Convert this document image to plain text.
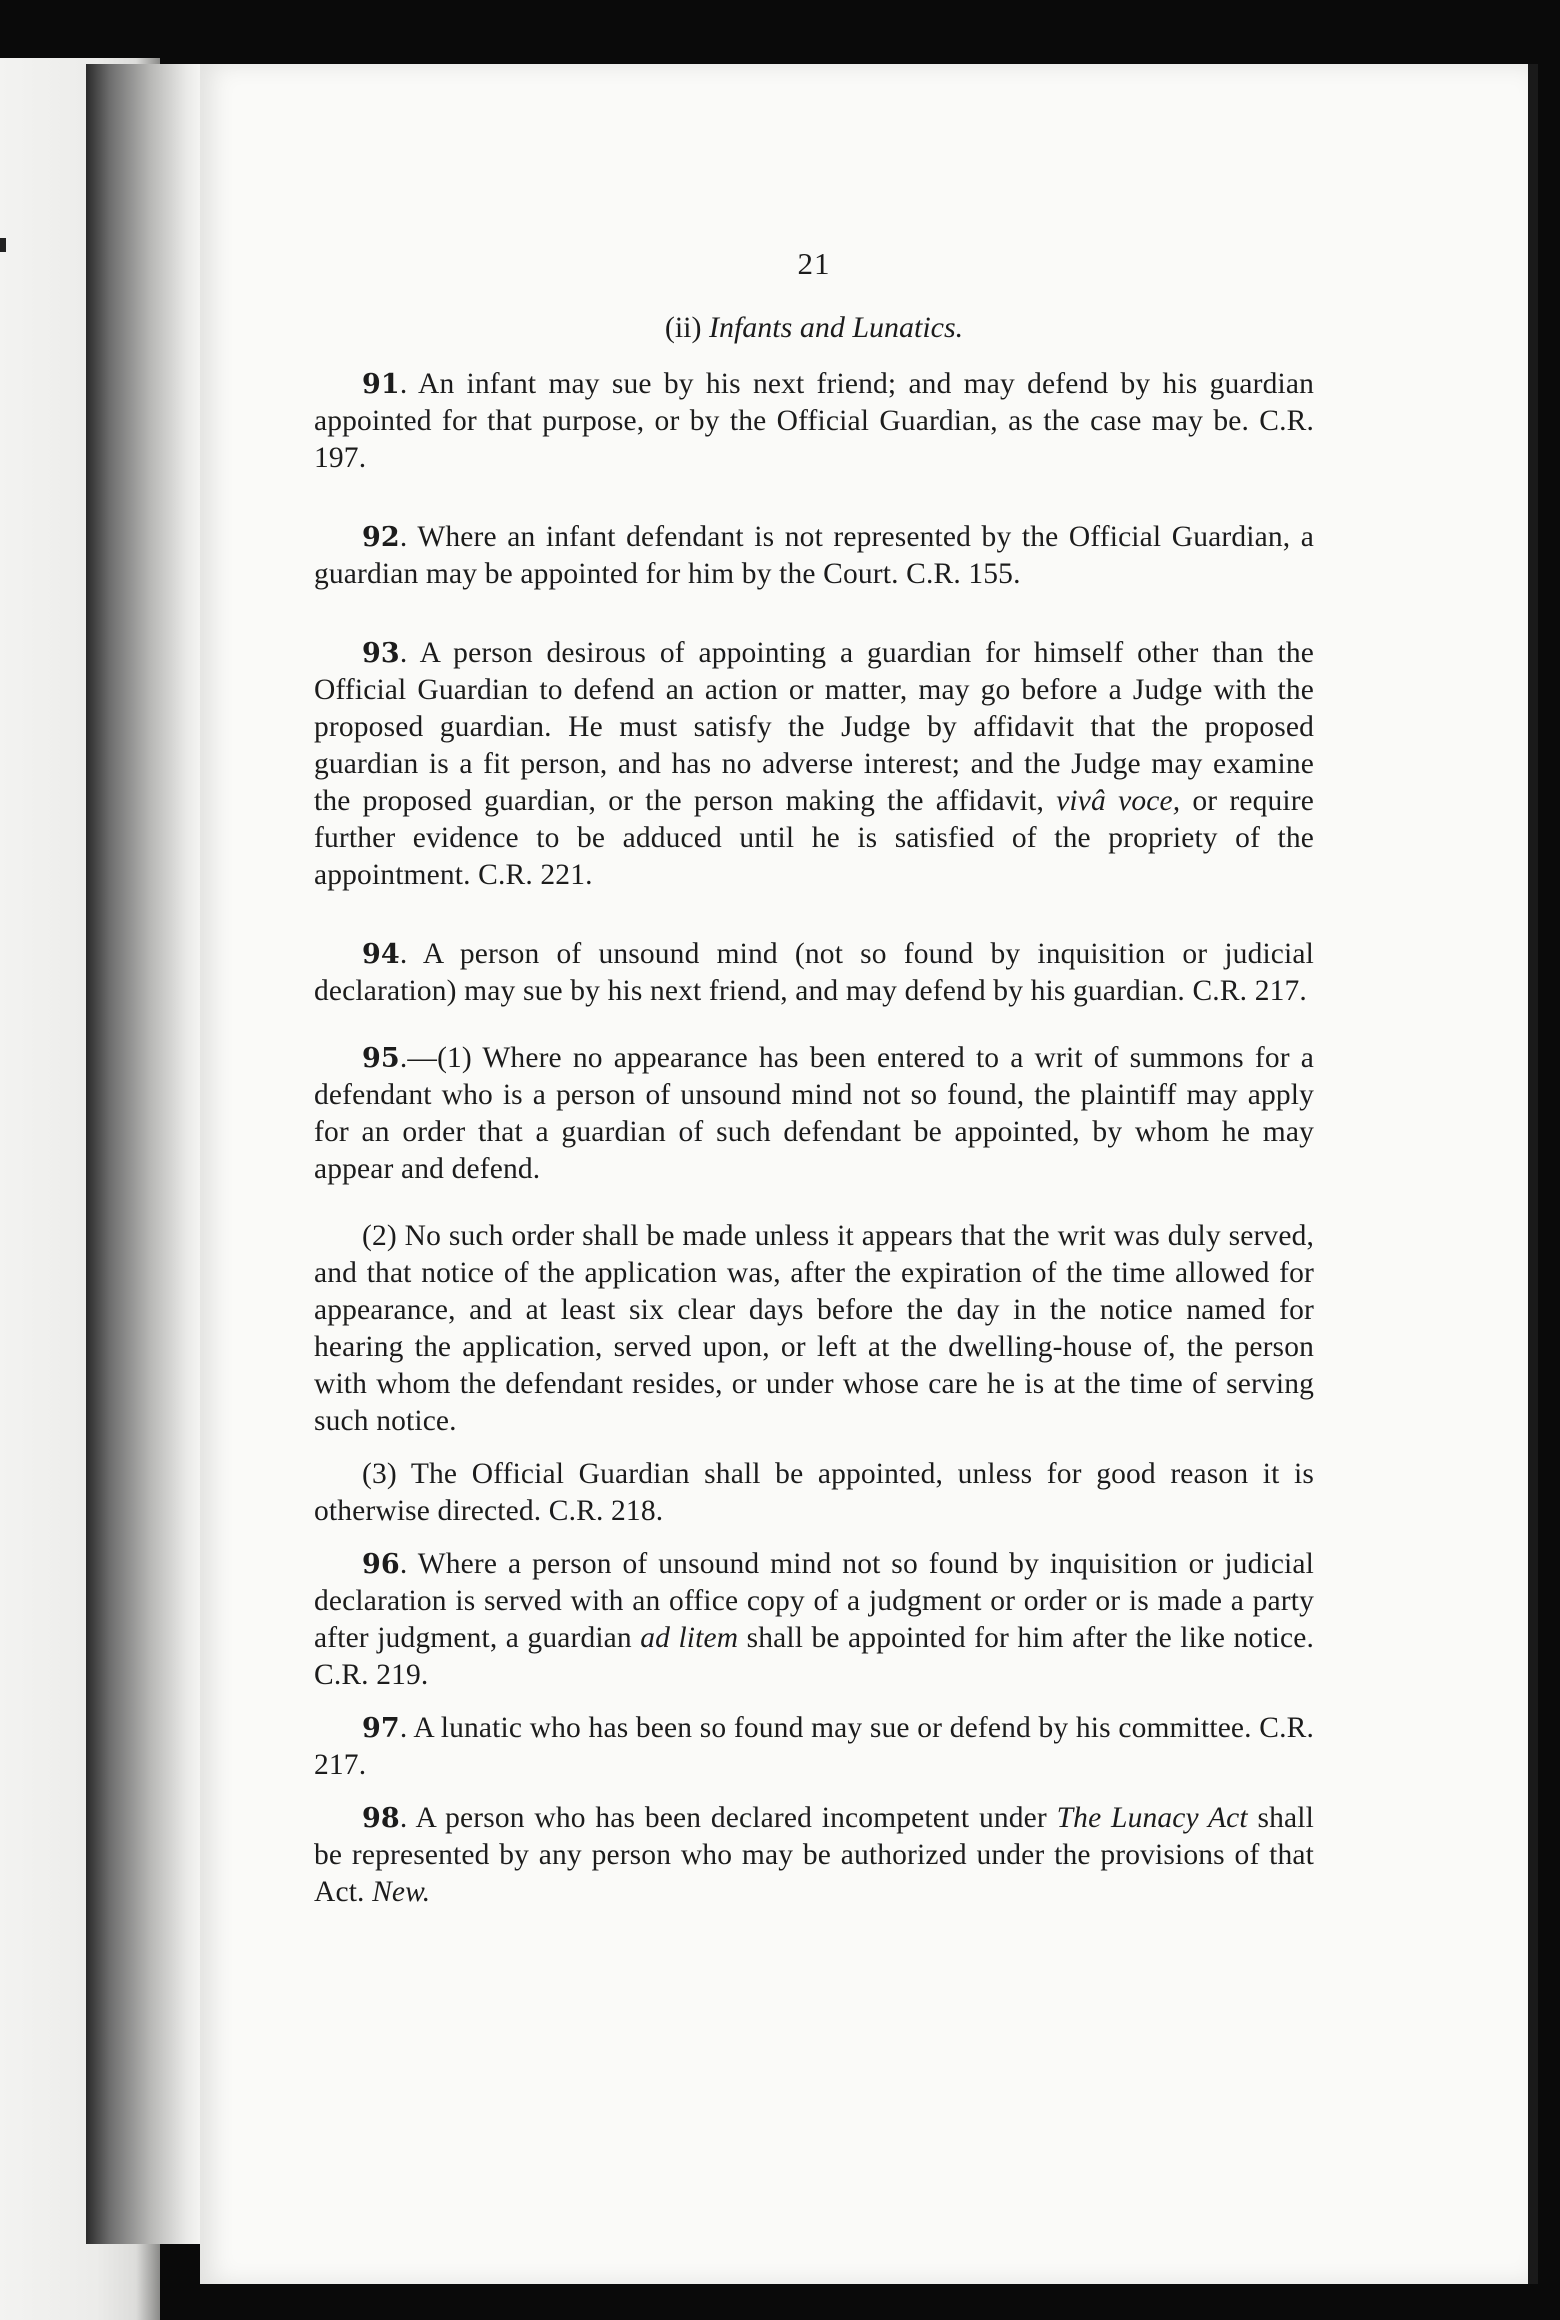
21
(ii) Infants and Lunatics.

91. An infant may sue by his next friend; and may defend by his guardian appointed for that purpose, or by the Official Guardian, as the case may be. C.R. 197.

92. Where an infant defendant is not represented by the Official Guardian, a guardian may be appointed for him by the Court. C.R. 155.

93. A person desirous of appointing a guardian for himself other than the Official Guardian to defend an action or matter, may go before a Judge with the proposed guardian. He must satisfy the Judge by affidavit that the proposed guardian is a fit person, and has no adverse interest; and the Judge may examine the proposed guardian, or the person making the affidavit, vivâ voce, or require further evidence to be adduced until he is satisfied of the propriety of the appointment. C.R. 221.

94. A person of unsound mind (not so found by inquisition or judicial declaration) may sue by his next friend, and may defend by his guardian. C.R. 217.

95.—(1) Where no appearance has been entered to a writ of summons for a defendant who is a person of unsound mind not so found, the plaintiff may apply for an order that a guardian of such defendant be appointed, by whom he may appear and defend.

(2) No such order shall be made unless it appears that the writ was duly served, and that notice of the application was, after the expiration of the time allowed for appearance, and at least six clear days before the day in the notice named for hearing the application, served upon, or left at the dwelling-house of, the person with whom the defendant resides, or under whose care he is at the time of serving such notice.

(3) The Official Guardian shall be appointed, unless for good reason it is otherwise directed. C.R. 218.

96. Where a person of unsound mind not so found by inquisition or judicial declaration is served with an office copy of a judgment or order or is made a party after judgment, a guardian ad litem shall be appointed for him after the like notice. C.R. 219.

97. A lunatic who has been so found may sue or defend by his committee. C.R. 217.

98. A person who has been declared incompetent under The Lunacy Act shall be represented by any person who may be authorized under the provisions of that Act. New.
